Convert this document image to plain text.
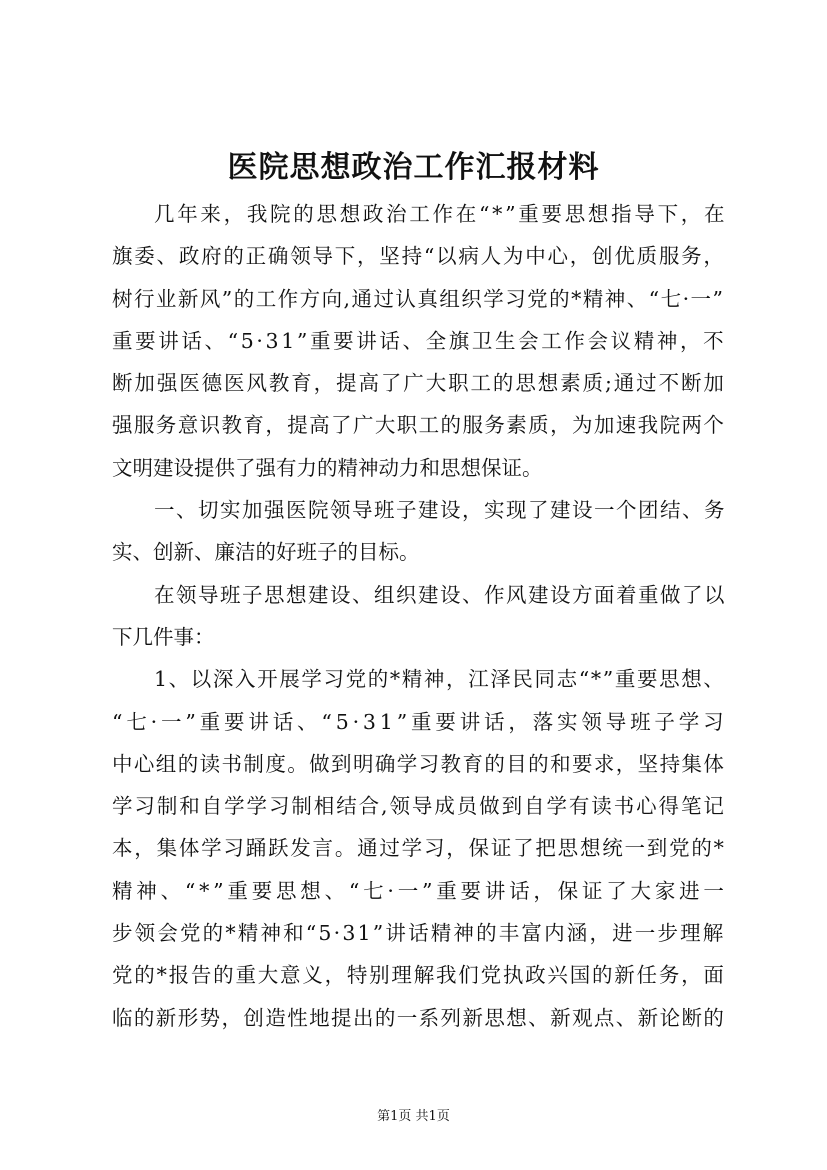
医院思想政治工作汇报材料
几年来，我院的思想政治工作在“*”重要思想指导下，在
旗委、政府的正确领导下，坚持“以病人为中心，创优质服务，
树行业新风”的工作方向,通过认真组织学习党的*精神、“七·一”
重要讲话、“5·31”重要讲话、全旗卫生会工作会议精神，不
断加强医德医风教育，提高了广大职工的思想素质;通过不断加
强服务意识教育，提高了广大职工的服务素质，为加速我院两个
文明建设提供了强有力的精神动力和思想保证。
一、切实加强医院领导班子建设，实现了建设一个团结、务
实、创新、廉洁的好班子的目标。
在领导班子思想建设、组织建设、作风建设方面着重做了以
下几件事：
1、以深入开展学习党的*精神，江泽民同志“*”重要思想、
“七·一”重要讲话、“5·31”重要讲话，落实领导班子学习
中心组的读书制度。做到明确学习教育的目的和要求，坚持集体
学习制和自学学习制相结合,领导成员做到自学有读书心得笔记
本，集体学习踊跃发言。通过学习，保证了把思想统一到党的*
精神、“*”重要思想、“七·一”重要讲话，保证了大家进一
步领会党的*精神和“5·31”讲话精神的丰富内涵，进一步理解
党的*报告的重大意义，特别理解我们党执政兴国的新任务，面
临的新形势，创造性地提出的一系列新思想、新观点、新论断的
第1页 共1页
